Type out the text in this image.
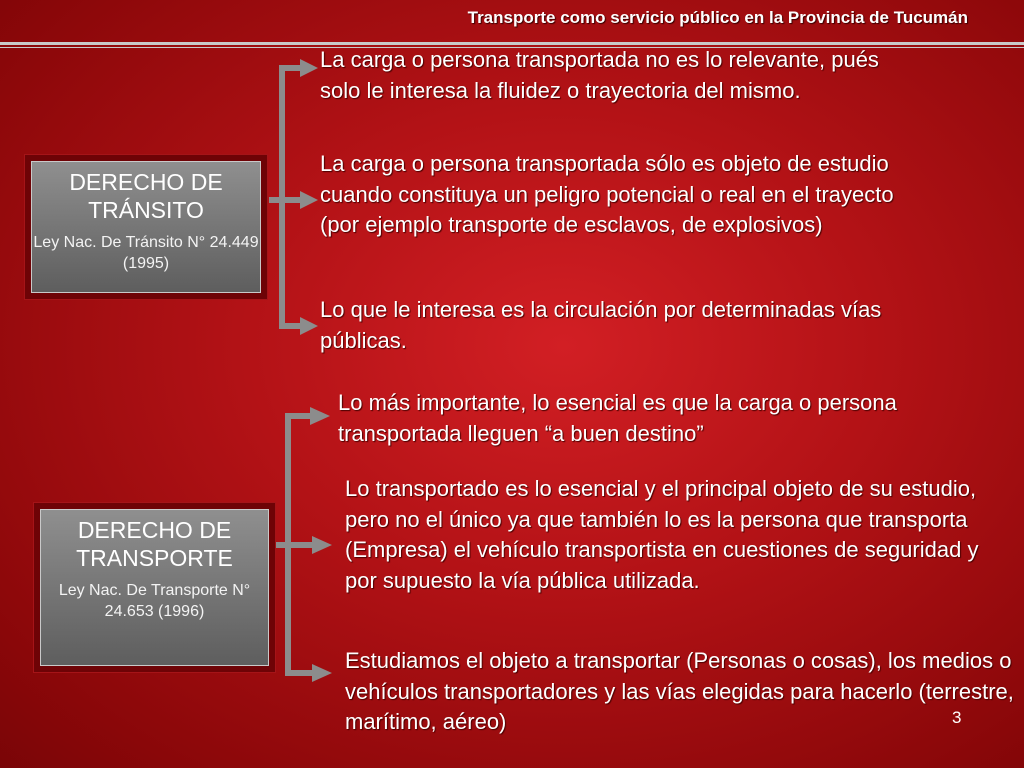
Transporte como servicio público en la Provincia de Tucumán
DERECHO DE TRÁNSITO
Ley Nac. De Tránsito N° 24.449 (1995)
DERECHO DE TRANSPORTE
Ley Nac. De Transporte N° 24.653 (1996)
La carga o persona transportada no es lo relevante, pués solo le interesa la fluidez o trayectoria del mismo.
La carga o persona transportada sólo es objeto de estudio cuando constituya un peligro potencial o real en el trayecto (por ejemplo transporte de esclavos, de explosivos)
Lo que le interesa es la circulación por determinadas vías públicas.
Lo más importante, lo esencial es que la carga o persona transportada lleguen “a buen destino”
Lo transportado es lo esencial y el principal objeto de su estudio, pero no el único ya que también lo es la persona que transporta (Empresa) el vehículo transportista en cuestiones de seguridad y por supuesto la vía pública utilizada.
Estudiamos el objeto a transportar (Personas o cosas), los medios o vehículos transportadores y las vías elegidas para hacerlo (terrestre, marítimo, aéreo)	3
